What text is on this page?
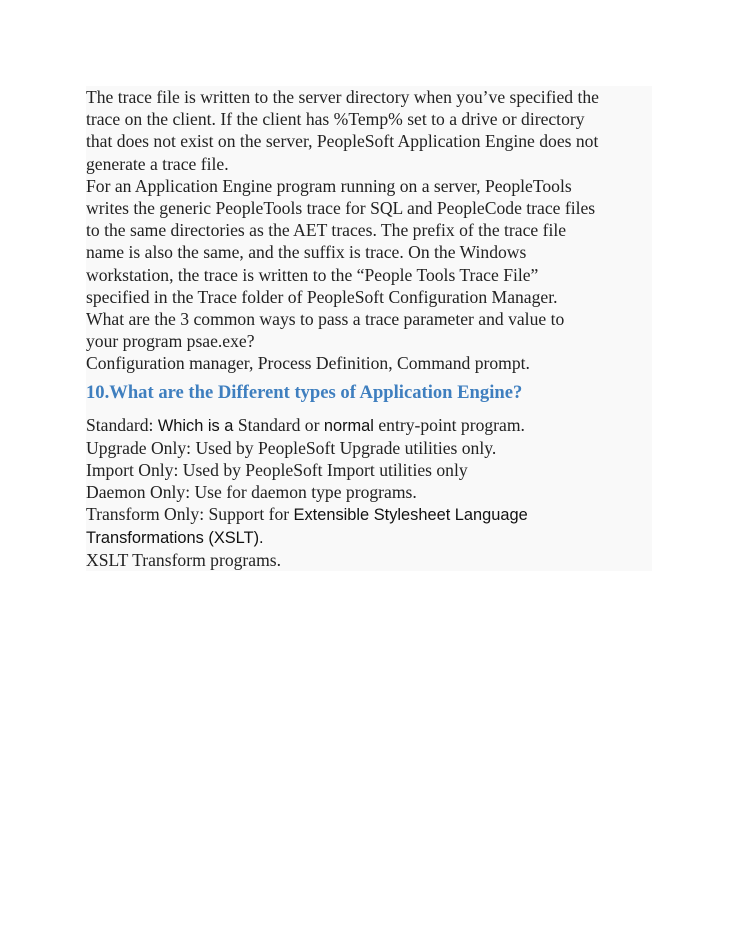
The trace file is written to the server directory when you’ve specified the
trace on the client. If the client has %Temp% set to a drive or directory
that does not exist on the server, PeopleSoft Application Engine does not
generate a trace file.
For an Application Engine program running on a server, PeopleTools
writes the generic PeopleTools trace for SQL and PeopleCode trace files
to the same directories as the AET traces. The prefix of the trace file
name is also the same, and the suffix is trace. On the Windows
workstation, the trace is written to the “People Tools Trace File”
specified in the Trace folder of PeopleSoft Configuration Manager.
What are the 3 common ways to pass a trace parameter and value to
your program psae.exe?
Configuration manager, Process Definition, Command prompt.

10.What are the Different types of Application Engine?

Standard: Which is a Standard or normal entry-point program.
Upgrade Only: Used by PeopleSoft Upgrade utilities only.
Import Only: Used by PeopleSoft Import utilities only
Daemon Only: Use for daemon type programs.
Transform Only: Support for Extensible Stylesheet Language
Transformations (XSLT).
XSLT Transform programs.
